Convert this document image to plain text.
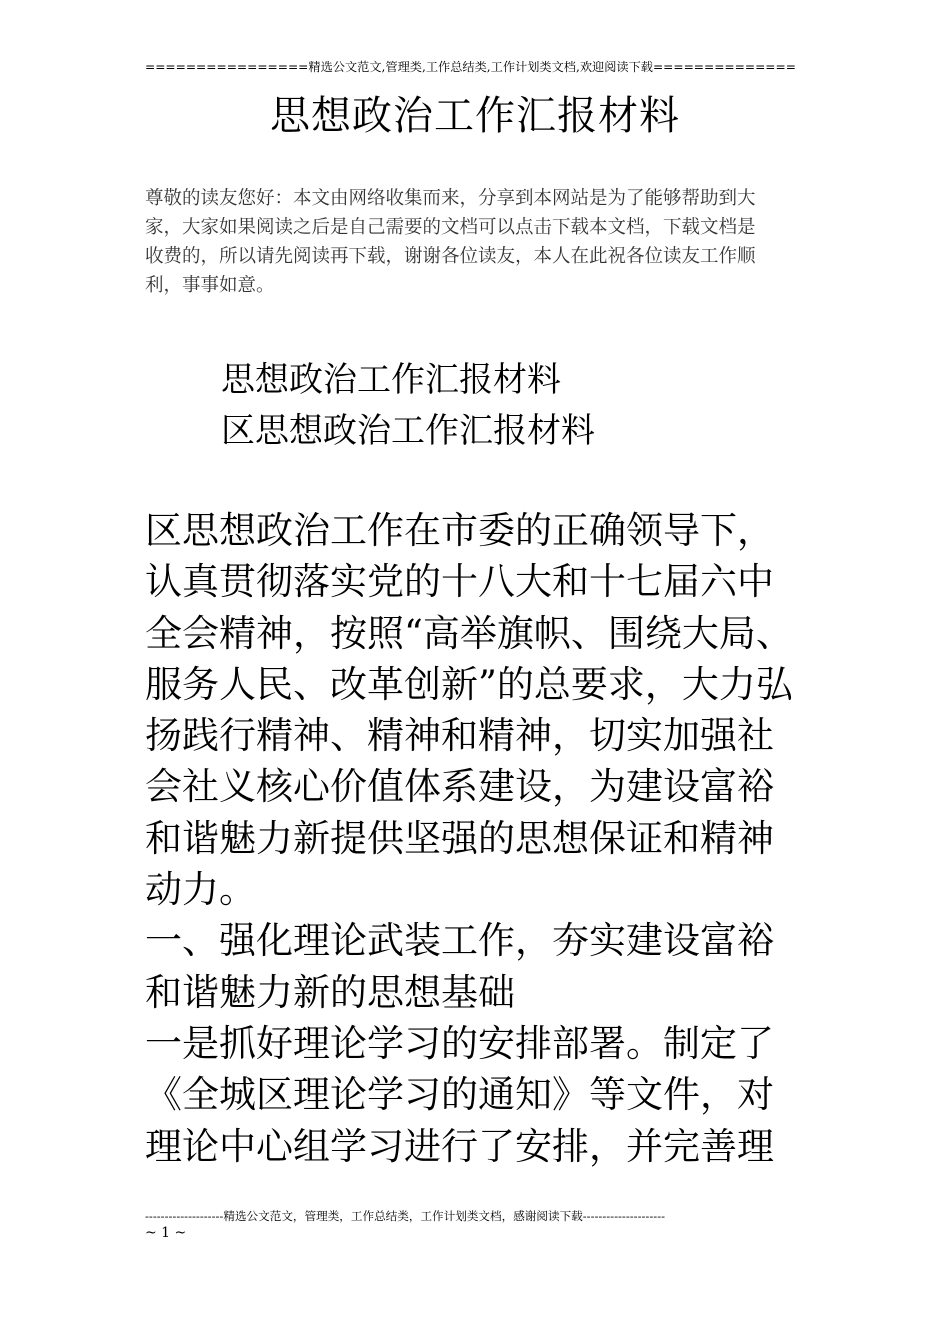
================精选公文范文,管理类,工作总结类,工作计划类文档,欢迎阅读下载==============
思想政治工作汇报材料
尊敬的读友您好：本文由网络收集而来，分享到本网站是为了能够帮助到大
家，大家如果阅读之后是自己需要的文档可以点击下载本文档，下载文档是
收费的，所以请先阅读再下载，谢谢各位读友，本人在此祝各位读友工作顺
利，事事如意。
思想政治工作汇报材料
区思想政治工作汇报材料
区思想政治工作在市委的正确领导下，
认真贯彻落实党的十八大和十七届六中
全会精神，按照“高举旗帜、围绕大局、
服务人民、改革创新”的总要求，大力弘
扬践行精神、精神和精神，切实加强社
会社义核心价值体系建设，为建设富裕
和谐魅力新提供坚强的思想保证和精神
动力。
一、强化理论武装工作，夯实建设富裕
和谐魅力新的思想基础
一是抓好理论学习的安排部署。制定了
《全城区理论学习的通知》等文件，对
理论中心组学习进行了安排，并完善理
--------------------精选公文范文，管理类，工作总结类，工作计划类文档，感谢阅读下载---------------------
~ 1 ~
